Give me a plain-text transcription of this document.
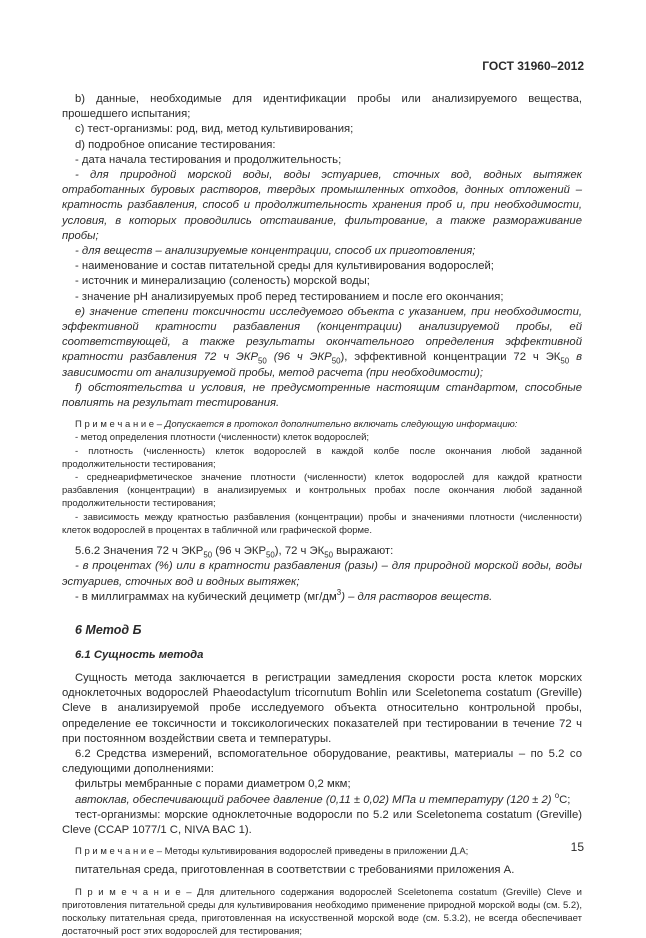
ГОСТ 31960–2012

b) данные, необходимые для идентификации пробы или анализируемого вещества, прошедшего испытания;

c) тест-организмы: род, вид, метод культивирования;

d) подробное описание тестирования:

- дата начала тестирования и продолжительность;

- для природной морской воды, воды эстуариев, сточных вод, водных вытяжек отработанных буровых растворов, твердых промышленных отходов, донных отложений – кратность разбавления, способ и продолжительность хранения проб и, при необходимости, условия, в которых проводились отстаивание, фильтрование, а также размораживание пробы;

- для веществ – анализируемые концентрации, способ их приготовления;

- наименование и состав питательной среды для культивирования водорослей;

- источник и минерализацию (соленость) морской воды;

- значение pH анализируемых проб перед тестированием и после его окончания;

е) значение степени токсичности исследуемого объекта с указанием, при необходимости, эффективной кратности разбавления (концентрации) анализируемой пробы, ей соответствующей, а также результаты окончательного определения эффективной кратности разбавления 72 ч $ЭКР_{50}$ (96 ч $ЭКР_{50}$), эффективной концентрации 72 ч $ЭК_{50}$ в зависимости от анализируемой пробы, метод расчета (при необходимости);

f) обстоятельства и условия, не предусмотренные настоящим стандартом, способные повлиять на результат тестирования.

П р и м е ч а н и е – Допускается в протокол дополнительно включать следующую информацию:

- метод определения плотности (численности) клеток водорослей;

- плотность (численность) клеток водорослей в каждой колбе после окончания любой заданной продолжительности тестирования;

- среднеарифметическое значение плотности (численности) клеток водорослей для каждой кратности разбавления (концентрации) в анализируемых и контрольных пробах после окончания любой заданной продолжительности тестирования;

- зависимость между кратностью разбавления (концентрации) пробы и значениями плотности (численности) клеток водорослей в процентах в табличной или графической форме.

5.6.2 Значения 72 ч $ЭКР_{50}$ (96 ч $ЭКР_{50}$), 72 ч $ЭК_{50}$ выражают:

- в процентах (%) или в кратности разбавления (разы) – для природной морской воды, воды эстуариев, сточных вод и водных вытяжек;

- в миллиграммах на кубический дециметр $(мг/дм^3)$ – для растворов веществ.

6 Метод Б
6.1 Сущность метода

Сущность метода заключается в регистрации замедления скорости роста клеток морских одноклеточных водорослей Phaeodactylum tricornutum Bohlin или Sceletonema costatum (Greville) Cleve в анализируемой пробе исследуемого объекта относительно контрольной пробы, определение ее токсичности и токсикологических показателей при тестировании в течение 72 ч при постоянном воздействии света и температуры.

6.2 Средства измерений, вспомогательное оборудование, реактивы, материалы – по 5.2 со следующими дополнениями:

фильтры мембранные с порами диаметром 0,2 мкм;

автоклав, обеспечивающий рабочее давление (0,11 ± 0,02) МПа и температуру (120 ± 2) $^o$С;

тест-организмы: морские одноклеточные водоросли по 5.2 или Sceletonema costatum (Greville) Cleve (CCAP 1077/1 C, NIVA BAC 1).

П р и м е ч а н и е – Методы культивирования водорослей приведены в приложении Д.А;

питательная среда, приготовленная в соответствии с требованиями приложения А.

П р и м е ч а н и е – Для длительного содержания водорослей Sceletonema costatum (Greville) Cleve и приготовления питательной среды для культивирования необходимо применение природной морской воды (см. 5.2), поскольку питательная среда, приготовленная на искусственной морской воде (см. 5.3.2), не всегда обеспечивает достаточный рост этих водорослей для тестирования;

15
